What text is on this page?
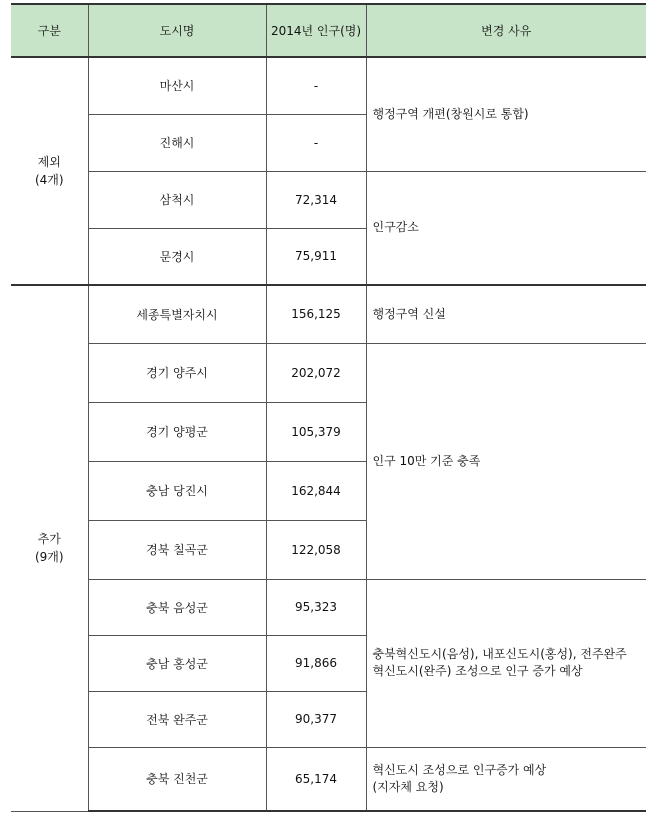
구분	도시명	2014년 인구(명)	변경 사유

제외
(4개)	마산시	-	행정구역 개편(창원시로 통합)

	진해시	-	
	삼척시	72,314	인구감소

	문경시	75,911	

추가
(9개)	세종특별자치시	156,125	행정구역 신설

	경기 양주시	202,072	인구 10만 기준 충족

	경기 양평군	105,379	
	충남 당진시	162,844	
	경북 칠곡군	122,058	
	충북 음성군	95,323	충북혁신도시(음성), 내포신도시(홍성), 전주완주
혁신도시(완주) 조성으로 인구 증가 예상

	충남 홍성군	91,866	
	전북 완주군	90,377	
	충북 진천군	65,174	혁신도시 조성으로 인구증가 예상
(지자체 요청)
